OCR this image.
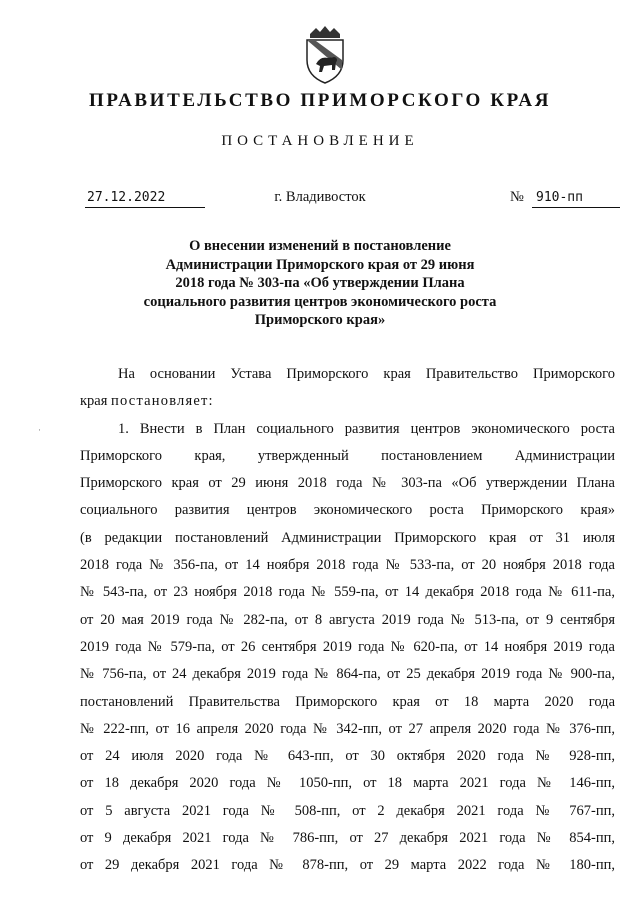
ПРАВИТЕЛЬСТВО ПРИМОРСКОГО КРАЯ
ПОСТАНОВЛЕНИЕ
27.12.2022	г. Владивосток	№ 910-пп
О внесении изменений в постановление
Администрации Приморского края от 29 июня
2018 года № 303-па «Об утверждении Плана
социального развития центров экономического роста
Приморского края»
·
На основании Устава Приморского края Правительство Приморского
края постановляет:
1. Внести в План социального развития центров экономического роста
Приморского края, утвержденный постановлением Администрации
Приморского края от 29 июня 2018 года № 303-па «Об утверждении Плана
социального развития центров экономического роста Приморского края»
(в редакции постановлений Администрации Приморского края от 31 июля
2018 года № 356-па, от 14 ноября 2018 года № 533-па, от 20 ноября 2018 года
№ 543-па, от 23 ноября 2018 года № 559-па, от 14 декабря 2018 года № 611-па,
от 20 мая 2019 года № 282-па, от 8 августа 2019 года № 513-па, от 9 сентября
2019 года № 579-па, от 26 сентября 2019 года № 620-па, от 14 ноября 2019 года
№ 756-па, от 24 декабря 2019 года № 864-па, от 25 декабря 2019 года № 900-па,
постановлений Правительства Приморского края от 18 марта 2020 года
№ 222-пп, от 16 апреля 2020 года № 342-пп, от 27 апреля 2020 года № 376-пп,
от 24 июля 2020 года № 643-пп, от 30 октября 2020 года № 928-пп,
от 18 декабря 2020 года № 1050-пп, от 18 марта 2021 года № 146-пп,
от 5 августа 2021 года № 508-пп, от 2 декабря 2021 года № 767-пп,
от 9 декабря 2021 года № 786-пп, от 27 декабря 2021 года № 854-пп,
от 29 декабря 2021 года № 878-пп, от 29 марта 2022 года № 180-пп,
